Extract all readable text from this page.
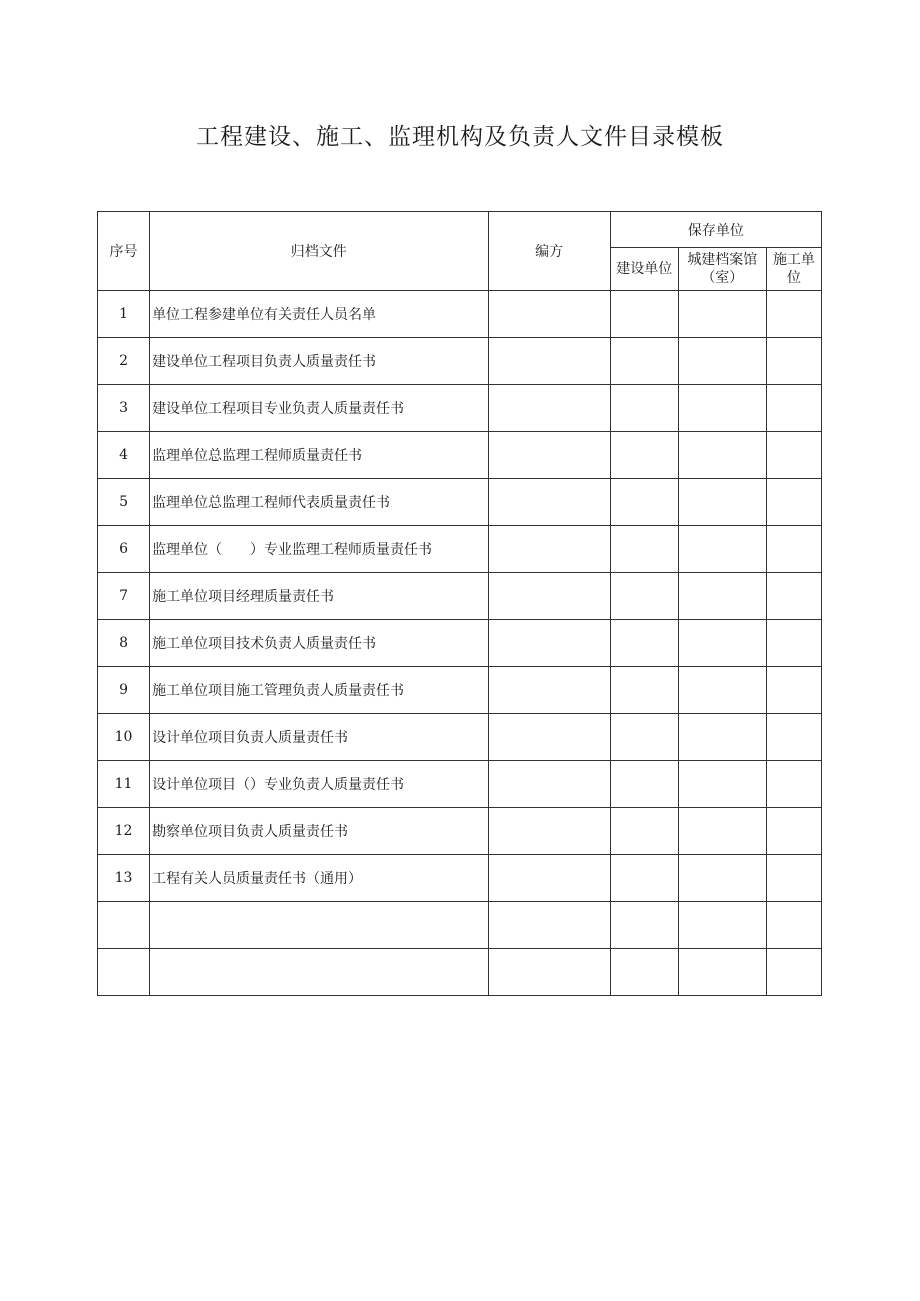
工程建设、施工、监理机构及负责人文件目录模板
序号	归档文件	编方	保存单位		
			建设单位	城建档案馆（室）	施工单位
1	单位工程参建单位有关责任人员名单				
2	建设单位工程项目负责人质量责任书				
3	建设单位工程项目专业负责人质量责任书				
4	监理单位总监理工程师质量责任书				
5	监理单位总监理工程师代表质量责任书				
6	监理单位（　　）专业监理工程师质量责任书				
7	施工单位项目经理质量责任书				
8	施工单位项目技术负责人质量责任书				
9	施工单位项目施工管理负责人质量责任书				
10	设计单位项目负责人质量责任书				
11	设计单位项目（）专业负责人质量责任书				
12	勘察单位项目负责人质量责任书				
13	工程有关人员质量责任书（通用）				
